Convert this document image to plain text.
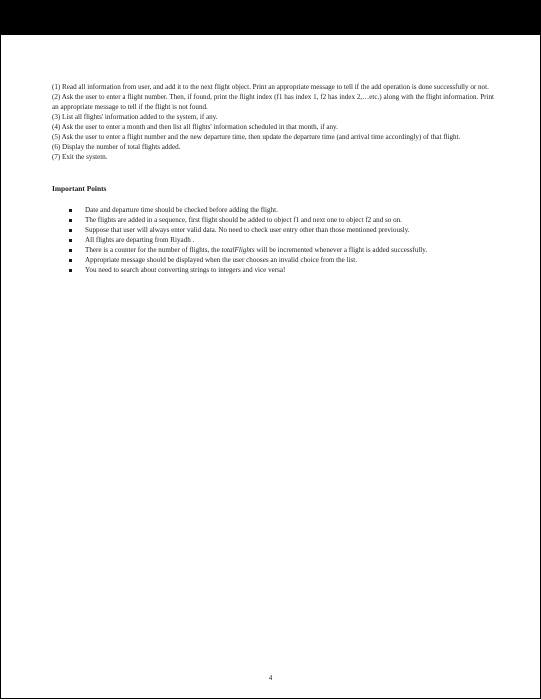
(1) Read all information from user, and add it to the next flight object. Print an appropriate message to tell if the add operation is done successfully or not.
(2) Ask the user to enter a flight number. Then, if found, print the flight index (f1 has index 1, f2 has index 2,…etc.) along with the flight information. Print an appropriate message to tell if the flight is not found.
(3) List all flights' information added to the system, if any.
(4) Ask the user to enter a month and then list all flights' information scheduled in that month, if any.
(5) Ask the user to enter a flight number and the new departure time, then update the departure time (and arrival time accordingly) of that flight.
(6) Display the number of total flights added.
(7) Exit the system.
Important Points
Date and departure time should be checked before adding the flight.
The flights are added in a sequence, first flight should be added to object f1 and next one to object f2 and so on.
Suppose that user will always enter valid data. No need to check user entry other than those mentioned previously.
All flights are departing from Riyadh .
There is a counter for the number of flights, the totalFlights will be incremented whenever a flight is added successfully.
Appropriate message should be displayed when the user chooses an invalid choice from the list.
You need to search about converting strings to integers and vice versa!
4
